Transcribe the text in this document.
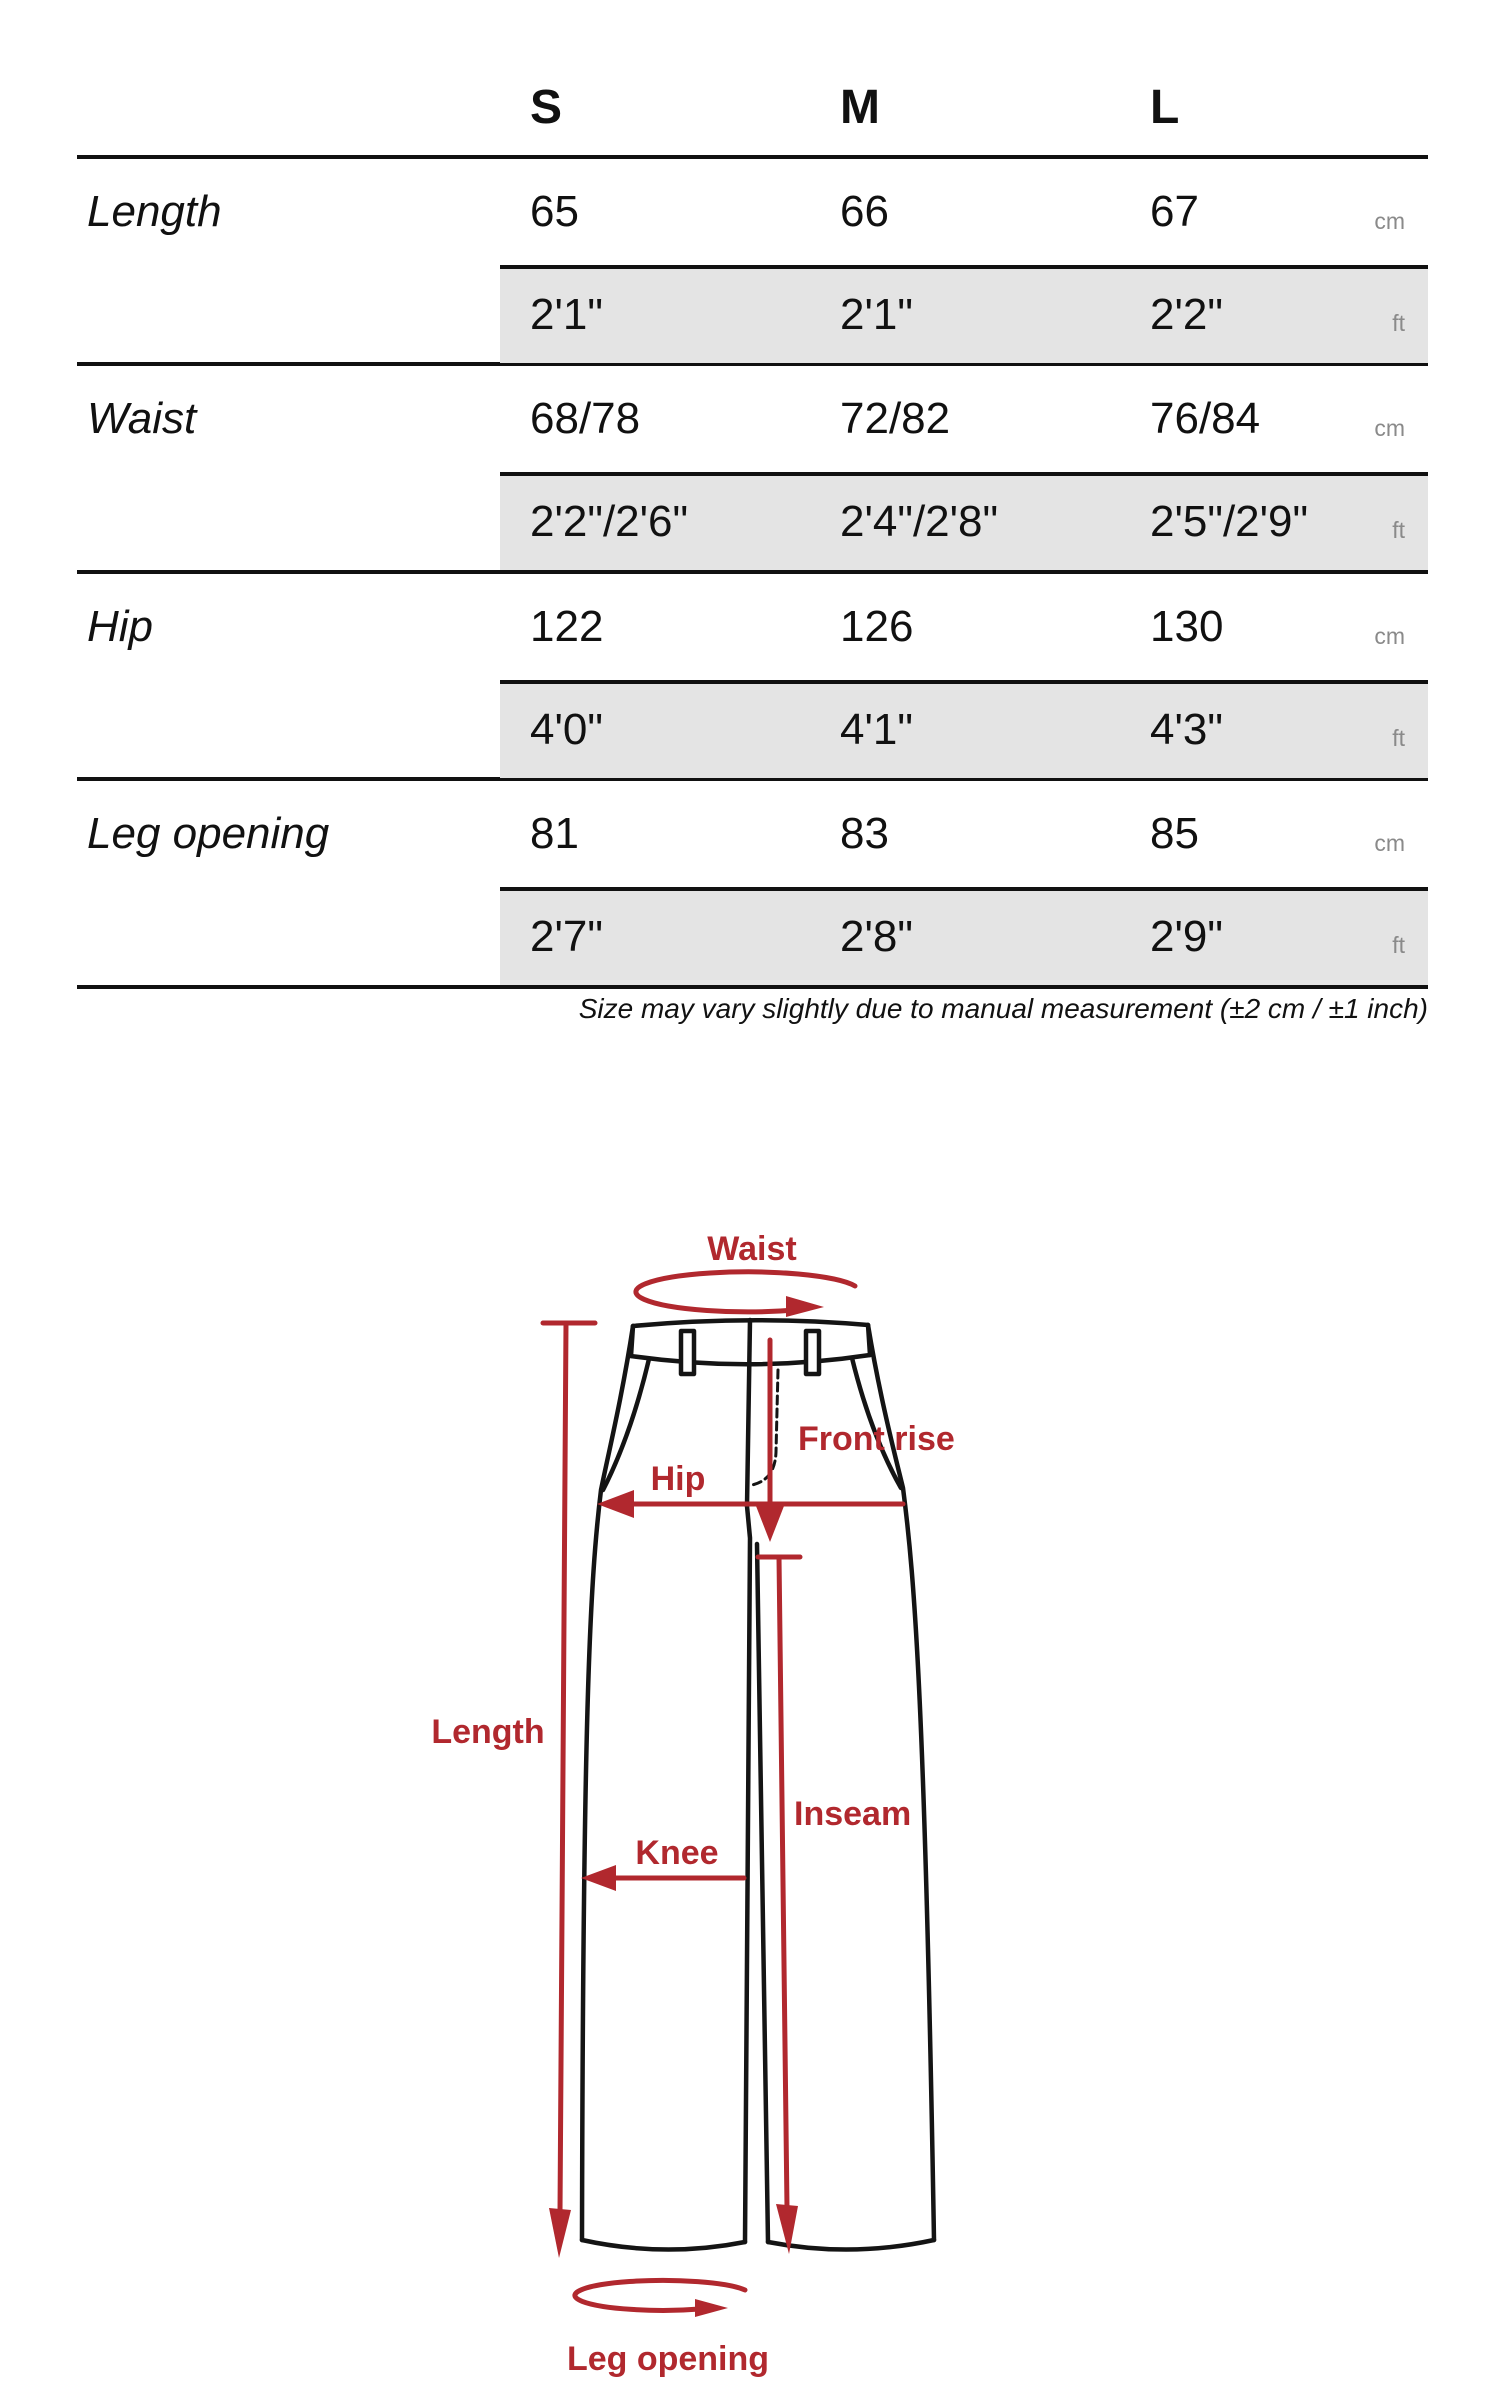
S	M	L
Length	65	66	67	cm
2'1"	2'1"	2'2"	ft
Waist	68/78	72/82	76/84	cm
2'2"/2'6"	2'4"/2'8"	2'5"/2'9"	ft
Hip	122	126	130	cm
4'0"	4'1"	4'3"	ft
Leg opening	81	83	85	cm
2'7"	2'8"	2'9"	ft
Size may vary slightly due to manual measurement (±2 cm / ±1 inch)
Waist
Front rise
Hip
Length
Knee
Inseam
Leg opening
